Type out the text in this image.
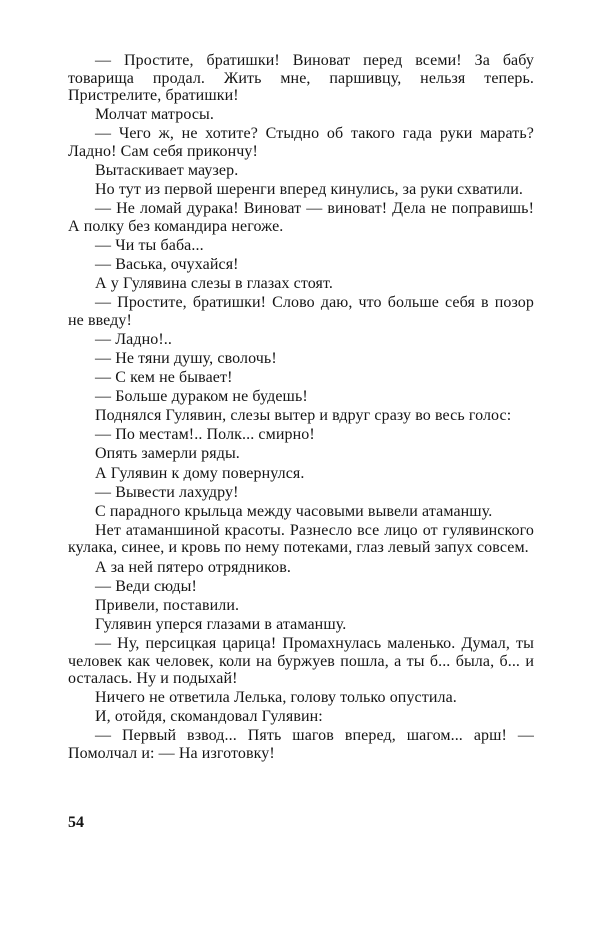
— Простите, братишки! Виноват перед всеми! За бабу товарища продал. Жить мне, паршивцу, нельзя теперь. Пристрелите, братишки!

Молчат матросы.

— Чего ж, не хотите? Стыдно об такого гада руки марать? Ладно! Сам себя прикончу!

Вытаскивает маузер.

Но тут из первой шеренги вперед кинулись, за руки схватили.

— Не ломай дурака! Виноват — виноват! Дела не поправишь! А полку без командира негоже.

— Чи ты баба...

— Васька, очухайся!

А у Гулявина слезы в глазах стоят.

— Простите, братишки! Слово даю, что больше себя в позор не введу!

— Ладно!..

— Не тяни душу, сволочь!

— С кем не бывает!

— Больше дураком не будешь!

Поднялся Гулявин, слезы вытер и вдруг сразу во весь голос:

— По местам!.. Полк... смирно!

Опять замерли ряды.

А Гулявин к дому повернулся.

— Вывести лахудру!

С парадного крыльца между часовыми вывели атаманшу.

Нет атаманшиной красоты. Разнесло все лицо от гулявинского кулака, синее, и кровь по нему потеками, глаз левый запух совсем.

А за ней пятеро отрядников.

— Веди сюды!

Привели, поставили.

Гулявин уперся глазами в атаманшу.

— Ну, персицкая царица! Промахнулась маленько. Думал, ты человек как человек, коли на буржуев пошла, а ты б... была, б... и осталась. Ну и подыхай!

Ничего не ответила Лелька, голову только опустила.

И, отойдя, скомандовал Гулявин:

— Первый взвод... Пять шагов вперед, шагом... арш! — Помолчал и: — На изготовку!

54
